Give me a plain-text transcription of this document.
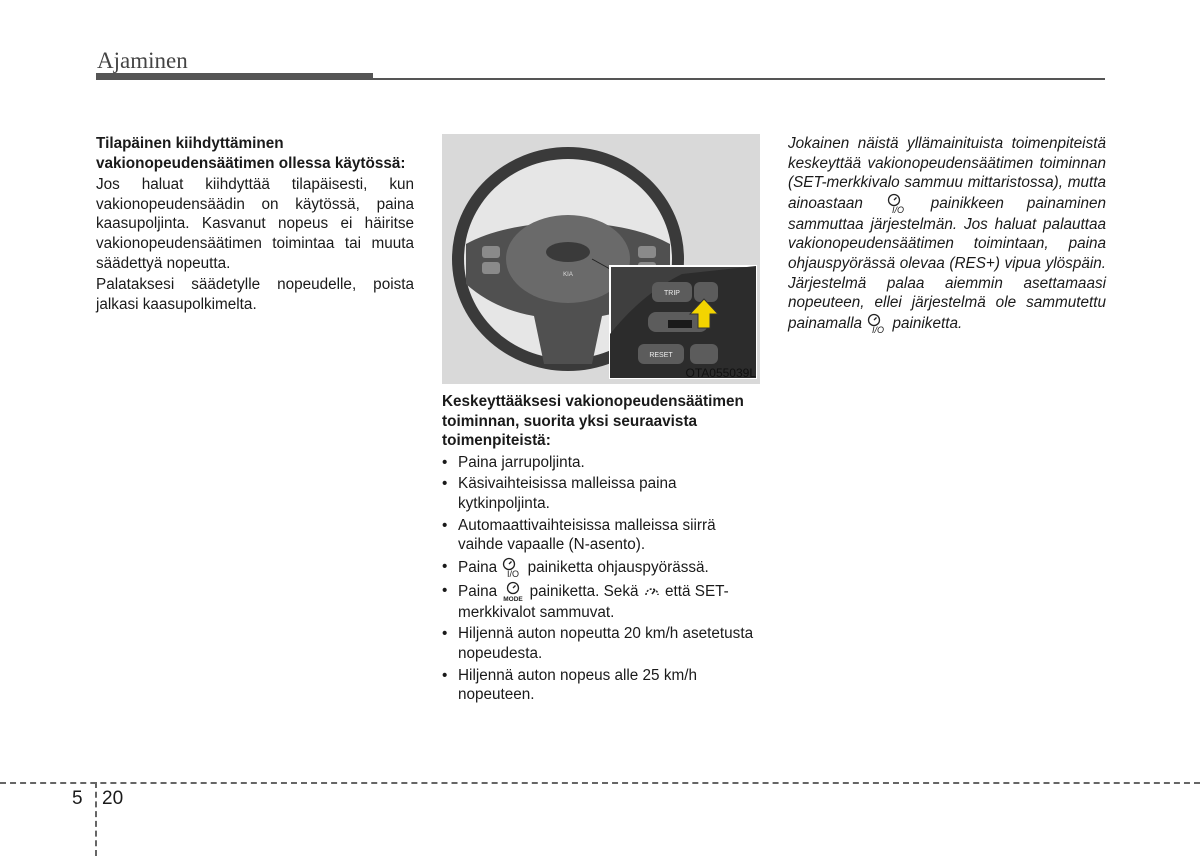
Ajaminen
Tilapäinen kiihdyttäminen vakionopeudensäätimen ollessa käytössä:

Jos haluat kiihdyttää tilapäisesti, kun vakionopeudensäädin on käytössä, paina kaasupoljinta. Kasvanut nopeus ei häiritse vakionopeudensäätimen toimintaa tai muuta säädettyä nopeutta.

Palataksesi säädetylle nopeudelle, poista jalkasi kaasupolkimelta.

KIA
TRIP
RESET
OTA055039L
Keskeyttääksesi vakionopeudensäätimen toiminnan, suorita yksi seuraavista toimenpiteistä:
• Paina jarrupoljinta.
• Käsivaihteisissa malleissa paina kytkinpoljinta.
• Automaattivaihteisissa malleissa siirrä vaihde vapaalle (N-asento).
• Paina I/O painiketta ohjauspyörässä.
• Paina MODE painiketta. Sekä että SET-merkkivalot sammuvat.
• Hiljennä auton nopeutta 20 km/h asetetusta nopeudesta.
• Hiljennä auton nopeus alle 25 km/h nopeuteen.

Jokainen näistä yllämainituista toimenpiteistä keskeyttää vakionopeudensäätimen toiminnan (SET-merkkivalo sammuu mittaristossa), mutta ainoastaan	I/O painikkeen painaminen sammuttaa järjestelmän. Jos haluat palauttaa vakionopeudensäätimen toimintaan, paina ohjauspyörässä olevaa (RES+) vipua ylöspäin. Järjestelmä palaa aiemmin asettamaasi nopeuteen, ellei järjestelmä ole sammutettu painamalla I/O painiketta.

5 20
